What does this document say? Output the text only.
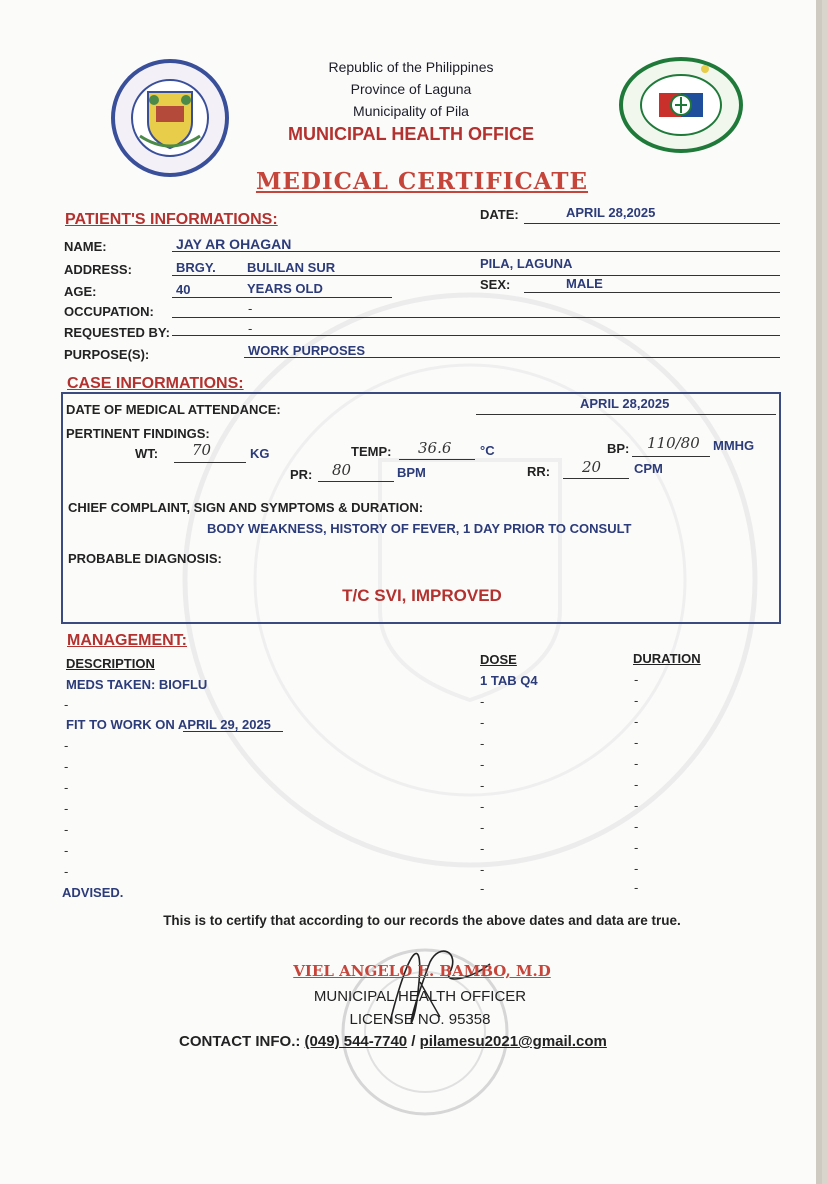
Republic of the Philippines
Province of Laguna
Municipality of Pila
MUNICIPAL HEALTH OFFICE
MEDICAL CERTIFICATE
PATIENT'S INFORMATIONS:	DATE:	APRIL 28,2025
NAME:	JAY AR OHAGAN
ADDRESS:	BRGY. BULILAN SUR	PILA, LAGUNA
AGE:	40	YEARS OLD	SEX:	MALE
OCCUPATION:	-
REQUESTED BY:	-
PURPOSE(S):	WORK PURPOSES
CASE INFORMATIONS:
DATE OF MEDICAL ATTENDANCE:	APRIL 28,2025
PERTINENT FINDINGS:
WT: 70	KG	TEMP: 36.6 °C	BP: 110/80 MMHG
PR: 80	BPM	RR: 20	CPM
CHIEF COMPLAINT, SIGN AND SYMPTOMS & DURATION:
BODY WEAKNESS, HISTORY OF FEVER, 1 DAY PRIOR TO CONSULT
PROBABLE DIAGNOSIS:
T/C SVI, IMPROVED
MANAGEMENT:
DESCRIPTION	DOSE	DURATION
MEDS TAKEN: BIOFLU	1 TAB Q4	-
-	-	-
FIT TO WORK ON APRIL 29, 2025	-	-
-	-	-
-	-	-
-	-	-
-	-	-
-	-	-
-	-	-
-	-	-
ADVISED.	-	-
This is to certify that according to our records the above dates and data are true.
VIEL ANGELO E. BAMBO, M.D
MUNICIPAL HEALTH OFFICER
LICENSE NO. 95358
CONTACT INFO.: (049) 544-7740 / pilamesu2021@gmail.com
